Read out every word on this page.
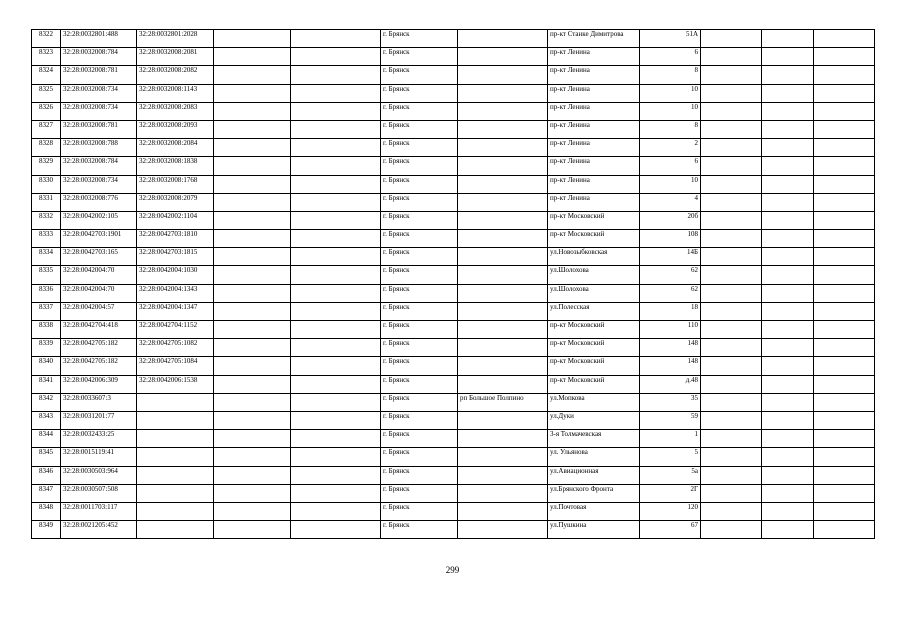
8322	32:28:0032801:488	32:28:0032801:2028			г. Брянск		пр-кт Станке Димитрова	51А			
8323	32:28:0032008:784	32:28:0032008:2081			г. Брянск		пр-кт Ленина	6			
8324	32:28:0032008:781	32:28:0032008:2082			г. Брянск		пр-кт Ленина	8			
8325	32:28:0032008:734	32:28:0032008:1143			г. Брянск		пр-кт Ленина	10			
8326	32:28:0032008:734	32:28:0032008:2083			г. Брянск		пр-кт Ленина	10			
8327	32:28:0032008:781	32:28:0032008:2093			г. Брянск		пр-кт Ленина	8			
8328	32:28:0032008:788	32:28:0032008:2084			г. Брянск		пр-кт Ленина	2			
8329	32:28:0032008:784	32:28:0032008:1838			г. Брянск		пр-кт Ленина	6			
8330	32:28:0032008:734	32:28:0032008:1768			г. Брянск		пр-кт Ленина	10			
8331	32:28:0032008:776	32:28:0032008:2079			г. Брянск		пр-кт Ленина	4			
8332	32:28:0042002:105	32:28:0042002:1104			г. Брянск		пр-кт Московский	20б			
8333	32:28:0042703:1901	32:28:0042703:1810			г. Брянск		пр-кт Московский	108			
8334	32:28:0042703:165	32:28:0042703:1815			г. Брянск		ул.Новозыбковская	14Б			
8335	32:28:0042004:70	32:28:0042004:1030			г. Брянск		ул.Шолохова	62			
8336	32:28:0042004:70	32:28:0042004:1343			г. Брянск		ул.Шолохова	62			
8337	32:28:0042004:57	32:28:0042004:1347			г. Брянск		ул.Полесская	18			
8338	32:28:0042704:418	32:28:0042704:1152			г. Брянск		пр-кт Московский	110			
8339	32:28:0042705:182	32:28:0042705:1082			г. Брянск		пр-кт Московский	148			
8340	32:28:0042705:182	32:28:0042705:1084			г. Брянск		пр-кт Московский	148			
8341	32:28:0042006:309	32:28:0042006:1538			г. Брянск		пр-кт Московский	д.48			
8342	32:28:0033607:3				г. Брянск	рп Большое Полпино	ул.Мопкова	35			
8343	32:28:0031201:77				г. Брянск		ул.Дуки	59			
8344	32:28:0032433:25				г. Брянск		3-я Толмачевская	1			
8345	32:28:0015119:41				г. Брянск		ул. Ульянова	5			
8346	32:28:0030503:964				г. Брянск		ул.Авиационная	5а			
8347	32:28:0030507:508				г. Брянск		ул.Брянского Фронта	2Г			
8348	32:28:0011703:117				г. Брянск		ул.Почтовая	120			
8349	32:28:0021205:452				г. Брянск		ул.Пушкина	67			
299
